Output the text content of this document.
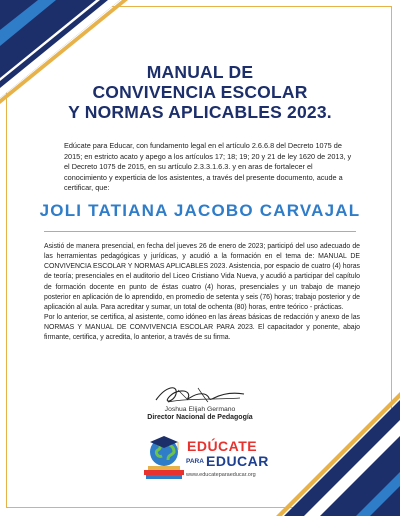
MANUAL DE
CONVIVENCIA ESCOLAR
Y NORMAS APLICABLES 2023.
Edúcate para Educar, con fundamento legal en el artículo 2.6.6.8 del Decreto 1075 de 2015; en estricto acato y apego a los artículos 17; 18; 19; 20 y 21 de ley 1620 de 2013, y el Decreto 1075 de 2015, en su artículo 2.3.3.1.6.3. y en aras de fortalecer el conocimiento y experticia de los asistentes, a través del presente documento, acude a certificar, que:
JOLI TATIANA JACOBO CARVAJAL

Asistió de manera presencial, en fecha del jueves 26 de enero de 2023; participó del uso adecuado de las herramientas pedagógicas y jurídicas, y acudió a la formación en el tema de: MANUAL DE CONVIVENCIA ESCOLAR Y NORMAS APLICABLES 2023. Asistencia, por espacio de cuatro (4) horas de teoría; presenciales en el auditorio del Liceo Cristiano Vida Nueva, y acudió a participar del capítulo de formación docente en punto de éstas cuatro (4) horas, presenciales y un trabajo de manejo posterior en aplicación de lo aprendido, en promedio de setenta y seis (76) horas; trabajo posterior y de aplicación al aula. Para acreditar y sumar, un total de ochenta (80) horas, entre teórico - prácticas.

Por lo anterior, se certifica, al asistente, como idóneo en las áreas básicas de redacción y anexo de las NORMAS Y MANUAL DE CONVIVENCIA ESCOLAR PARA 2023. El capacitador y ponente, abajo firmante, certifica, y acredita, lo anterior, a través de su firma.

Joshua Elijah Germano
Director Nacional de Pedagogía
EDÚCATE
PARA EDUCAR
www.educateparaeducar.org
